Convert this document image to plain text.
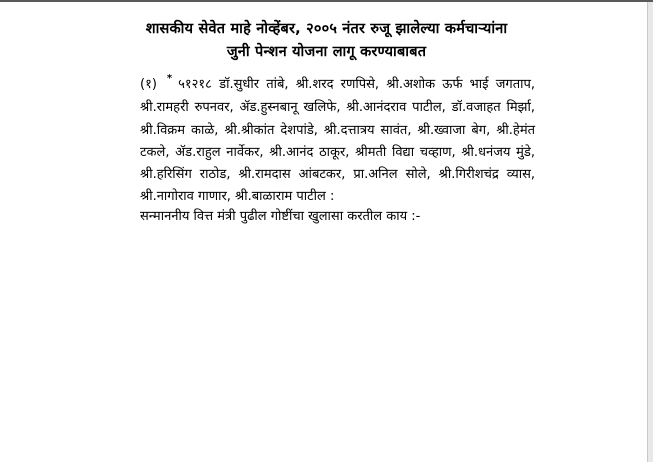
शासकीय सेवेत माहे नोव्हेंबर, २००५ नंतर रुजू झालेल्या कर्मचाऱ्यांना
जुनी पेन्शन योजना लागू करण्याबाबत
(१) * ५१२१८ डॉ.सुधीर तांबे, श्री.शरद रणपिसे, श्री.अशोक ऊर्फ भाई जगताप, श्री.रामहरी रुपनवर, ॲड.हुस्नबानू खलिफे, श्री.आनंदराव पाटील, डॉ.वजाहत मिर्झा, श्री.विक्रम काळे, श्री.श्रीकांत देशपांडे, श्री.दत्तात्रय सावंत, श्री.ख्वाजा बेग, श्री.हेमंत टकले, ॲड.राहुल नार्वेकर, श्री.आनंद ठाकूर, श्रीमती विद्या चव्हाण, श्री.धनंजय मुंडे, श्री.हरिसिंग राठोड, श्री.रामदास आंबटकर, प्रा.अनिल सोले, श्री.गिरीशचंद्र व्यास, श्री.नागोराव गाणार, श्री.बाळाराम पाटील :
सन्माननीय वित्त मंत्री पुढील गोष्टींचा खुलासा करतील काय :-
